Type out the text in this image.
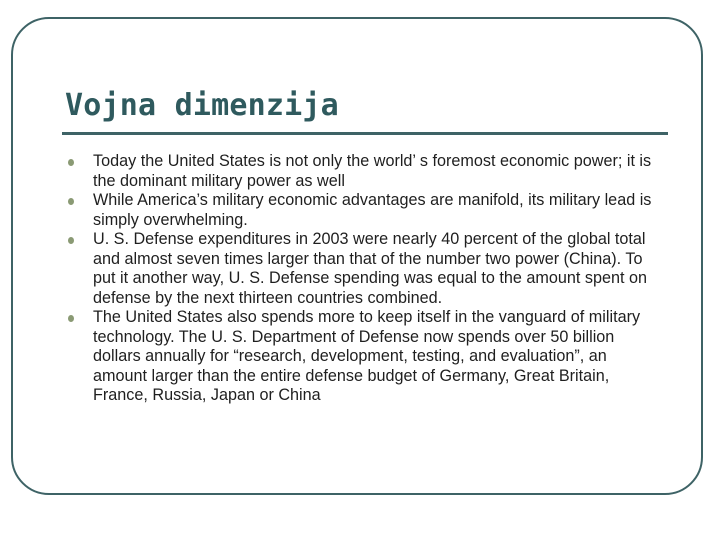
Vojna dimenzija
Today the United States is not only the world’ s foremost economic power; it is the dominant military power as well
While America’s military economic advantages are manifold, its military lead is simply overwhelming.
U. S. Defense expenditures in 2003 were nearly 40 percent of the global total and almost seven times larger than that of the number two power (China). To put it another way, U. S. Defense spending was equal to the amount spent on defense by the next thirteen countries combined.
The United States also spends more to keep itself in the vanguard of military technology. The U. S. Department of Defense now spends over 50 billion dollars annually for “research, development, testing, and evaluation”, an amount larger than the entire defense budget of Germany, Great Britain, France, Russia, Japan or China
